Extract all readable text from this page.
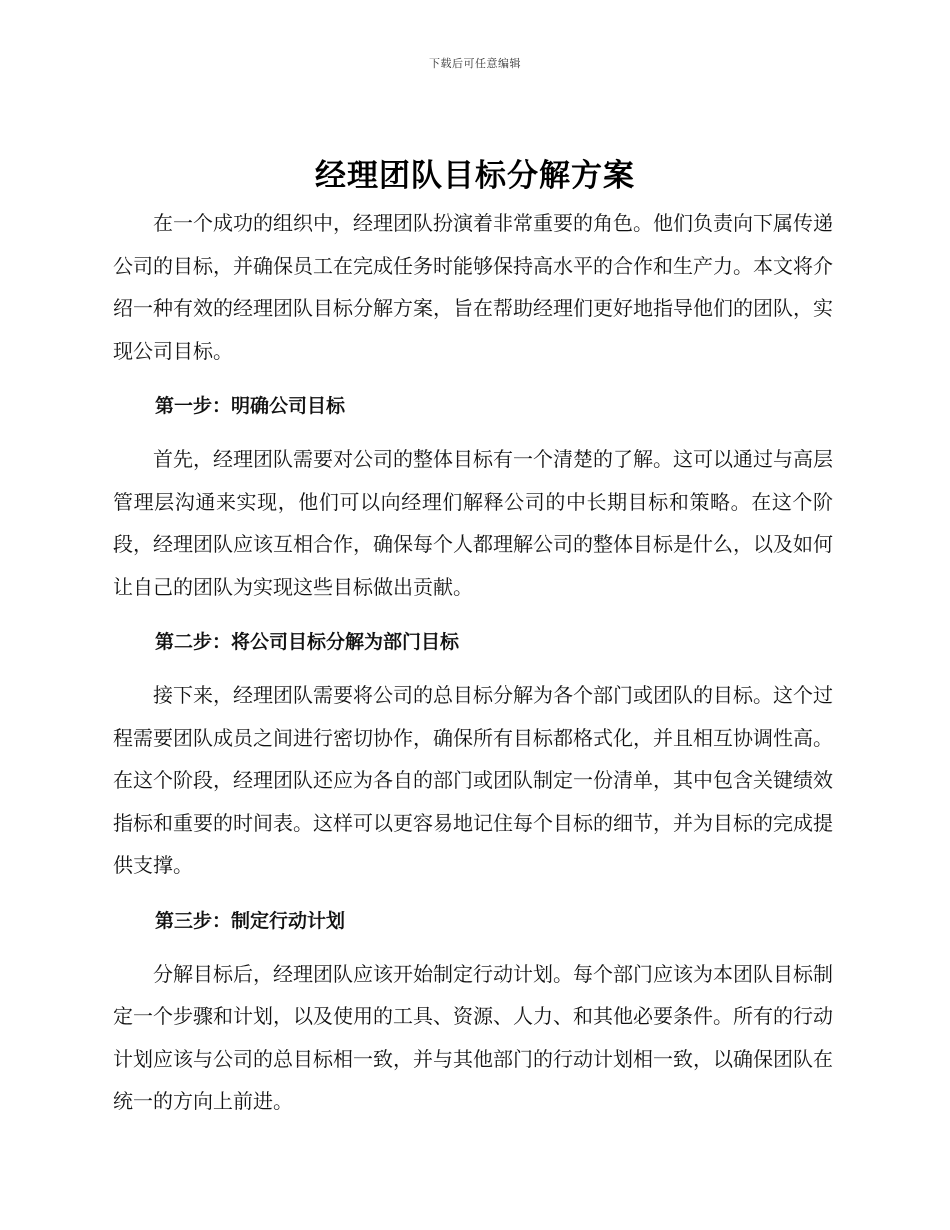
下载后可任意编辑
经理团队目标分解方案

在一个成功的组织中，经理团队扮演着非常重要的角色。他们负责向下属传递公司的目标，并确保员工在完成任务时能够保持高水平的合作和生产力。本文将介绍一种有效的经理团队目标分解方案，旨在帮助经理们更好地指导他们的团队，实现公司目标。

第一步：明确公司目标

首先，经理团队需要对公司的整体目标有一个清楚的了解。这可以通过与高层管理层沟通来实现，他们可以向经理们解释公司的中长期目标和策略。在这个阶段，经理团队应该互相合作，确保每个人都理解公司的整体目标是什么，以及如何让自己的团队为实现这些目标做出贡献。

第二步：将公司目标分解为部门目标

接下来，经理团队需要将公司的总目标分解为各个部门或团队的目标。这个过程需要团队成员之间进行密切协作，确保所有目标都格式化，并且相互协调性高。在这个阶段，经理团队还应为各自的部门或团队制定一份清单，其中包含关键绩效指标和重要的时间表。这样可以更容易地记住每个目标的细节，并为目标的完成提供支撑。

第三步：制定行动计划

分解目标后，经理团队应该开始制定行动计划。每个部门应该为本团队目标制定一个步骤和计划，以及使用的工具、资源、人力、和其他必要条件。所有的行动计划应该与公司的总目标相一致，并与其他部门的行动计划相一致，以确保团队在统一的方向上前进。
